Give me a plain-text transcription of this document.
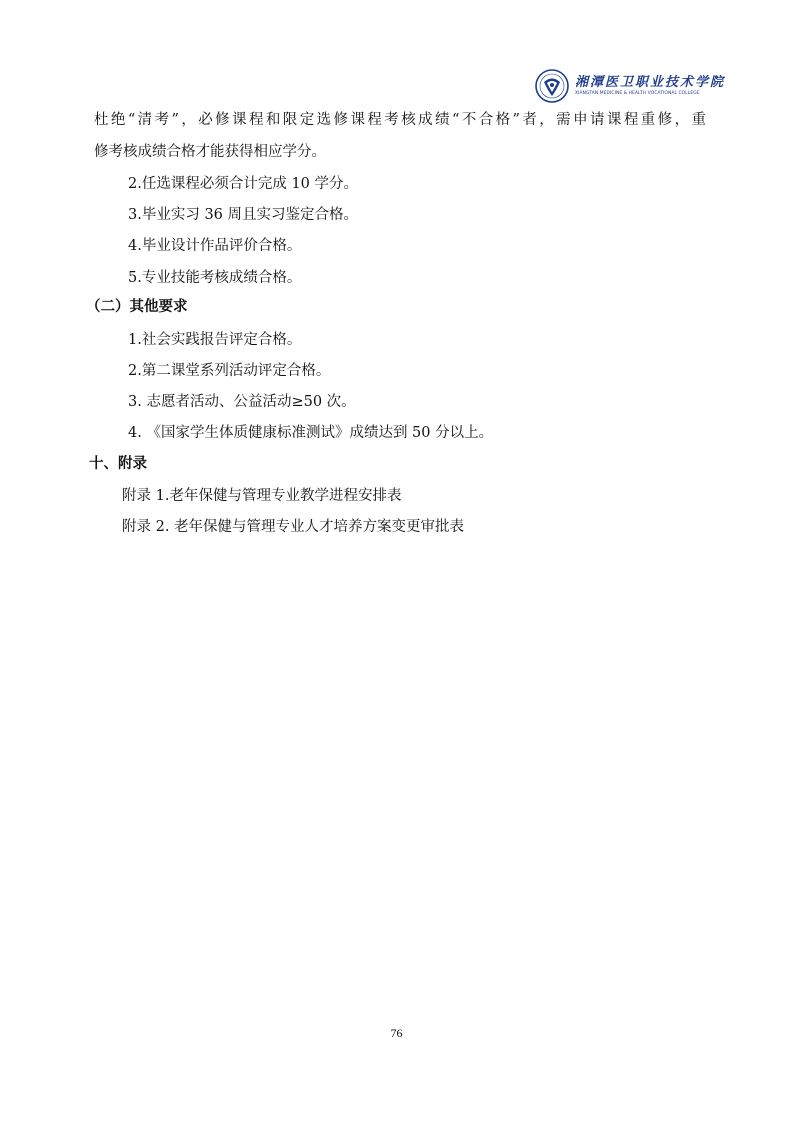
湘潭医卫职业技术学院
XIANGTAN MEDICINE & HEALTH VOCATIONAL COLLEGE
杜绝“清考”，必修课程和限定选修课程考核成绩“不合格”者，需申请课程重修，重
修考核成绩合格才能获得相应学分。
2.任选课程必须合计完成 10 学分。
3.毕业实习 36 周且实习鉴定合格。
4.毕业设计作品评价合格。
5.专业技能考核成绩合格。
（二）其他要求
1.社会实践报告评定合格。
2.第二课堂系列活动评定合格。
3. 志愿者活动、公益活动≥50 次。
4. 《国家学生体质健康标准测试》成绩达到 50 分以上。
十、附录
附录 1.老年保健与管理专业教学进程安排表
附录 2. 老年保健与管理专业人才培养方案变更审批表
76
